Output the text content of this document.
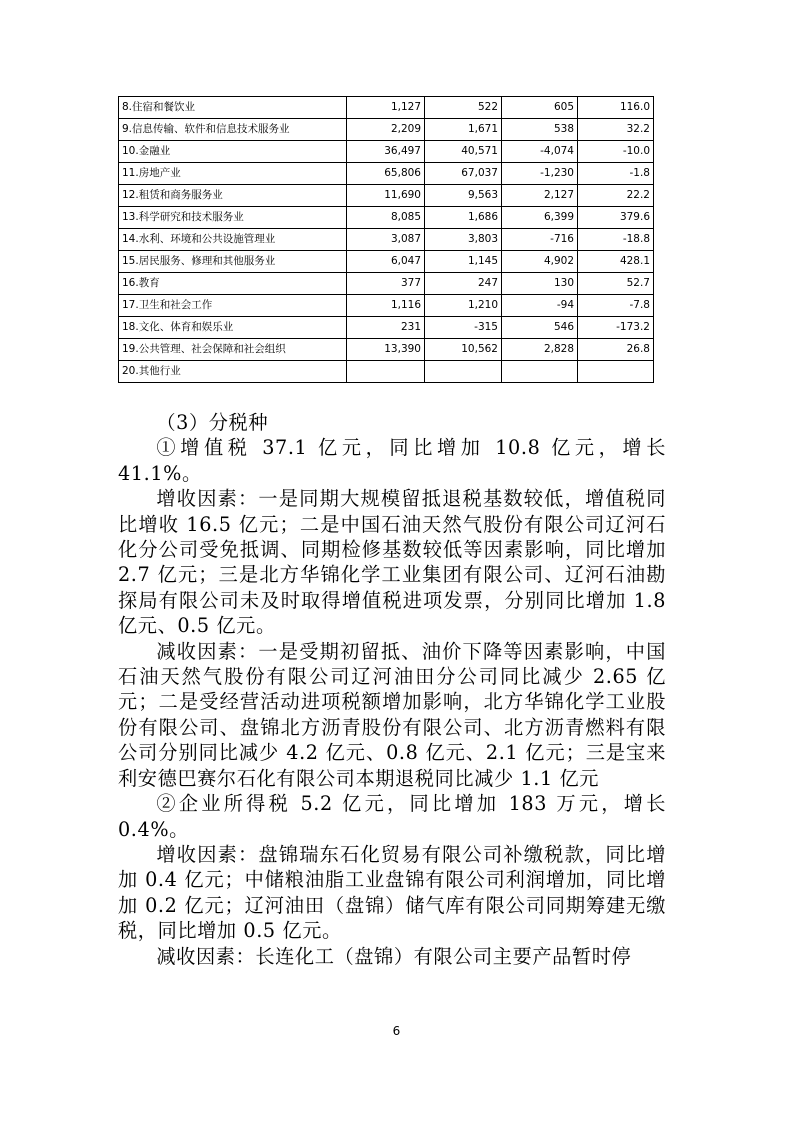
8.住宿和餐饮业	1,127	522	605	116.0
9.信息传输、软件和信息技术服务业	2,209	1,671	538	32.2
10.金融业	36,497	40,571	-4,074	-10.0
11.房地产业	65,806	67,037	-1,230	-1.8
12.租赁和商务服务业	11,690	9,563	2,127	22.2
13.科学研究和技术服务业	8,085	1,686	6,399	379.6
14.水利、环境和公共设施管理业	3,087	3,803	-716	-18.8
15.居民服务、修理和其他服务业	6,047	1,145	4,902	428.1
16.教育	377	247	130	52.7
17.卫生和社会工作	1,116	1,210	-94	-7.8
18.文化、体育和娱乐业	231	-315	546	-173.2
19.公共管理、社会保障和社会组织	13,390	10,562	2,828	26.8
20.其他行业				

（3）分税种

①增值税 37.1 亿元，同比增加 10.8 亿元，增长 41.1%。

增收因素：一是同期大规模留抵退税基数较低，增值税同比增收 16.5 亿元；二是中国石油天然气股份有限公司辽河石化分公司受免抵调、同期检修基数较低等因素影响，同比增加 2.7 亿元；三是北方华锦化学工业集团有限公司、辽河石油勘探局有限公司未及时取得增值税进项发票，分别同比增加 1.8 亿元、0.5 亿元。

减收因素：一是受期初留抵、油价下降等因素影响，中国石油天然气股份有限公司辽河油田分公司同比减少 2.65 亿元；二是受经营活动进项税额增加影响，北方华锦化学工业股份有限公司、盘锦北方沥青股份有限公司、北方沥青燃料有限公司分别同比减少 4.2 亿元、0.8 亿元、2.1 亿元；三是宝来利安德巴赛尔石化有限公司本期退税同比减少 1.1 亿元

②企业所得税 5.2 亿元，同比增加 183 万元，增长 0.4%。

增收因素：盘锦瑞东石化贸易有限公司补缴税款，同比增加 0.4 亿元；中储粮油脂工业盘锦有限公司利润增加，同比增加 0.2 亿元；辽河油田（盘锦）储气库有限公司同期筹建无缴税，同比增加 0.5 亿元。

减收因素：长连化工（盘锦）有限公司主要产品暂时停

6
